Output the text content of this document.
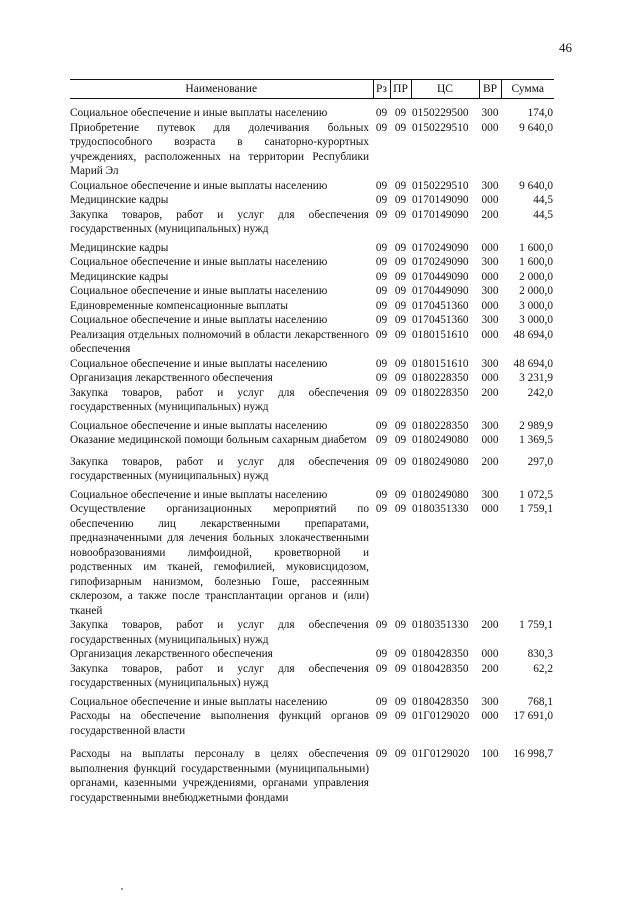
46
Наименование	Рз	ПР	ЦС	ВР	Сумма
Социальное обеспечение и иные выплаты населению	09	09	0150229500	300	174,0
Приобретение путевок для долечивания больных трудоспособного возраста в санаторно-курортных учреждениях, расположенных на территории Республики Марий Эл	09	09	0150229510	000	9 640,0
Социальное обеспечение и иные выплаты населению	09	09	0150229510	300	9 640,0
Медицинские кадры	09	09	0170149090	000	44,5
Закупка товаров, работ и услуг для обеспечения государственных (муниципальных) нужд	09	09	0170149090	200	44,5
Медицинские кадры	09	09	0170249090	000	1 600,0
Социальное обеспечение и иные выплаты населению	09	09	0170249090	300	1 600,0
Медицинские кадры	09	09	0170449090	000	2 000,0
Социальное обеспечение и иные выплаты населению	09	09	0170449090	300	2 000,0
Единовременные компенсационные выплаты	09	09	0170451360	000	3 000,0
Социальное обеспечение и иные выплаты населению	09	09	0170451360	300	3 000,0
Реализация отдельных полномочий в области лекарственного обеспечения	09	09	0180151610	000	48 694,0
Социальное обеспечение и иные выплаты населению	09	09	0180151610	300	48 694,0
Организация лекарственного обеспечения	09	09	0180228350	000	3 231,9
Закупка товаров, работ и услуг для обеспечения государственных (муниципальных) нужд	09	09	0180228350	200	242,0
Социальное обеспечение и иные выплаты населению	09	09	0180228350	300	2 989,9
Оказание медицинской помощи больным сахарным диабетом	09	09	0180249080	000	1 369,5
Закупка товаров, работ и услуг для обеспечения государственных (муниципальных) нужд	09	09	0180249080	200	297,0
Социальное обеспечение и иные выплаты населению	09	09	0180249080	300	1 072,5
Осуществление организационных мероприятий по обеспечению лиц лекарственными препаратами, предназначенными для лечения больных злокачественными новообразованиями лимфоидной, кроветворной и родственных им тканей, гемофилией, муковисцидозом, гипофизарным нанизмом, болезнью Гоше, рассеянным склерозом, а также после трансплантации органов и (или) тканей	09	09	0180351330	000	1 759,1
Закупка товаров, работ и услуг для обеспечения государственных (муниципальных) нужд	09	09	0180351330	200	1 759,1
Организация лекарственного обеспечения	09	09	0180428350	000	830,3
Закупка товаров, работ и услуг для обеспечения государственных (муниципальных) нужд	09	09	0180428350	200	62,2
Социальное обеспечение и иные выплаты населению	09	09	0180428350	300	768,1
Расходы на обеспечение выполнения функций органов государственной власти	09	09	01Г0129020	000	17 691,0
Расходы на выплаты персоналу в целях обеспечения выполнения функций государственными (муниципальными) органами, казенными учреждениями, органами управления государственными внебюджетными фондами	09	09	01Г0129020	100	16 998,7
